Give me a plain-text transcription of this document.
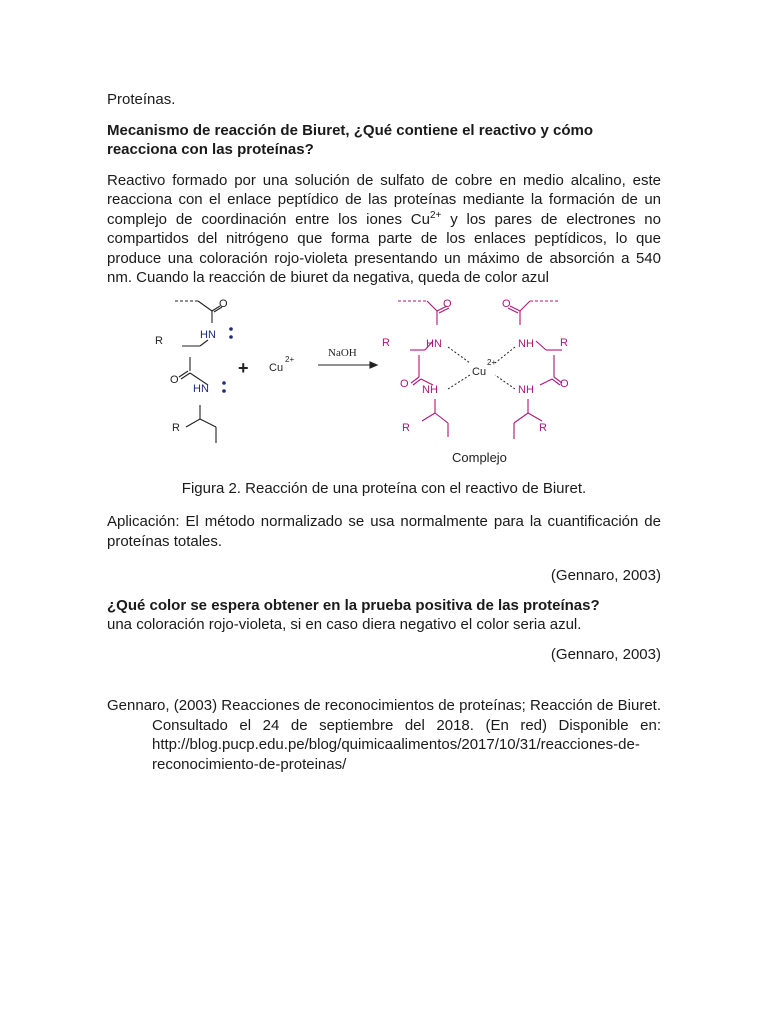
Proteínas.

Mecanismo de reacción de Biuret, ¿Qué contiene el reactivo y cómo reacciona con las proteínas?

Reactivo formado por una solución de sulfato de cobre en medio alcalino, este reacciona con el enlace peptídico de las proteínas mediante la formación de un complejo de coordinación entre los iones $Cu^{2+}$ y los pares de electrones no compartidos del nitrógeno que forma parte de los enlaces peptídicos, lo que produce una coloración rojo-violeta presentando un máximo de absorción a 540 nm. Cuando la reacción de biuret da negativa, queda de color azul

O
HN
R
O
HN
R
+ Cu
2+
NaOH
O	O
HN	NH
R	R
O	O
NH	NH
R	R
Cu
2+
Complejo

Figura 2. Reacción de una proteína con el reactivo de Biuret.

Aplicación: El método normalizado se usa normalmente para la cuantificación de proteínas totales.

(Gennaro, 2003)

¿Qué color se espera obtener en la prueba positiva de las proteínas?

una coloración rojo-violeta, si en caso diera negativo el color seria azul.

(Gennaro, 2003)

Gennaro, (2003) Reacciones de reconocimientos de proteínas; Reacción de Biuret. Consultado el 24 de septiembre del 2018. (En red) Disponible en: http://blog.pucp.edu.pe/blog/quimicaalimentos/2017/10/31/reacciones-de-reconocimiento-de-proteinas/
